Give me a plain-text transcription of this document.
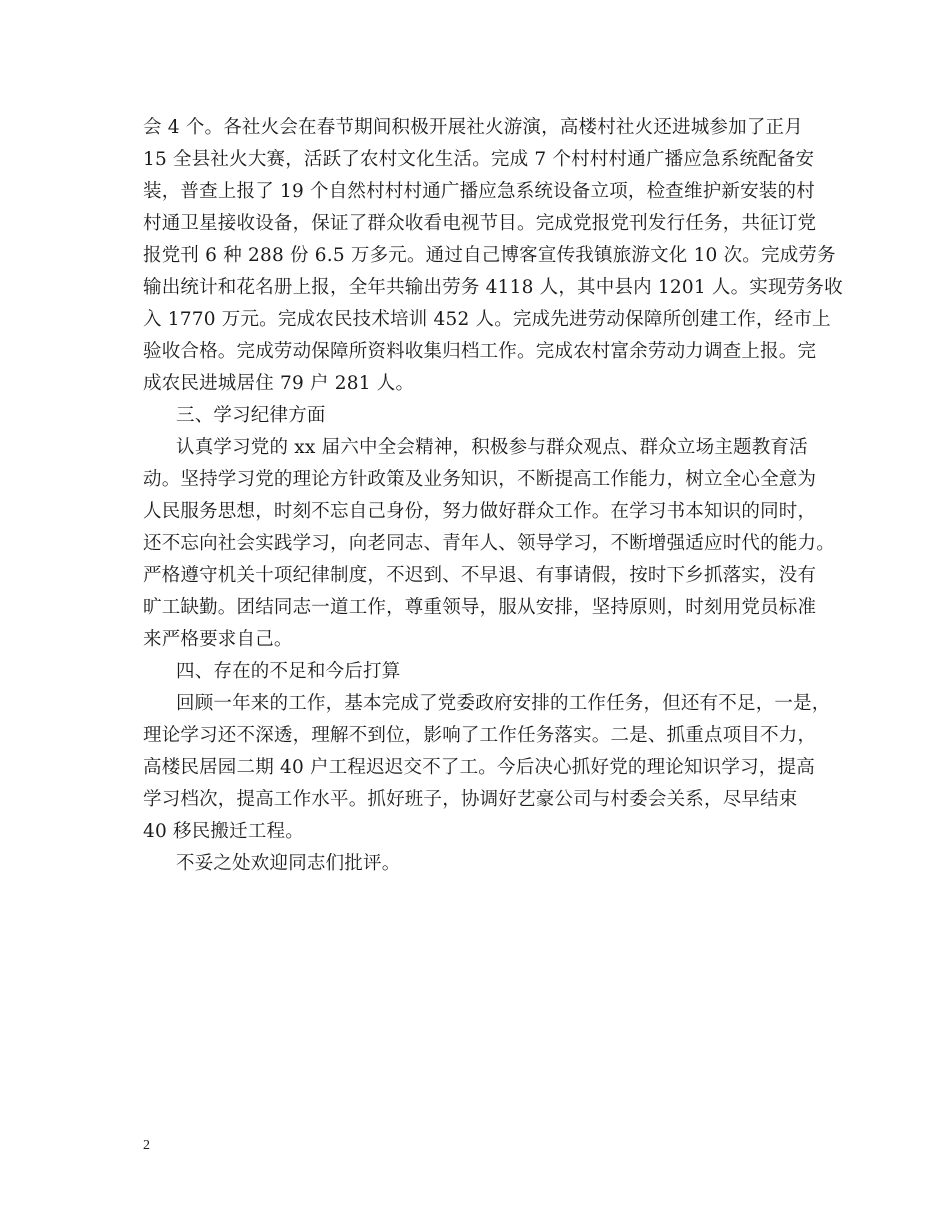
会 4 个。各社火会在春节期间积极开展社火游演，高楼村社火还进城参加了正月
15 全县社火大赛，活跃了农村文化生活。完成 7 个村村村通广播应急系统配备安
装，普查上报了 19 个自然村村村通广播应急系统设备立项，检查维护新安装的村
村通卫星接收设备，保证了群众收看电视节目。完成党报党刊发行任务，共征订党
报党刊 6 种 288 份 6.5 万多元。通过自己博客宣传我镇旅游文化 10 次。完成劳务
输出统计和花名册上报，全年共输出劳务 4118 人，其中县内 1201 人。实现劳务收
入 1770 万元。完成农民技术培训 452 人。完成先进劳动保障所创建工作，经市上
验收合格。完成劳动保障所资料收集归档工作。完成农村富余劳动力调查上报。完
成农民进城居住 79 户 281 人。
三、学习纪律方面
认真学习党的 xx 届六中全会精神，积极参与群众观点、群众立场主题教育活
动。坚持学习党的理论方针政策及业务知识，不断提高工作能力，树立全心全意为
人民服务思想，时刻不忘自己身份，努力做好群众工作。在学习书本知识的同时，
还不忘向社会实践学习，向老同志、青年人、领导学习，不断增强适应时代的能力。
严格遵守机关十项纪律制度，不迟到、不早退、有事请假，按时下乡抓落实，没有
旷工缺勤。团结同志一道工作，尊重领导，服从安排，坚持原则，时刻用党员标准
来严格要求自己。
四、存在的不足和今后打算
回顾一年来的工作，基本完成了党委政府安排的工作任务，但还有不足，一是，
理论学习还不深透，理解不到位，影响了工作任务落实。二是、抓重点项目不力，
高楼民居园二期 40 户工程迟迟交不了工。今后决心抓好党的理论知识学习，提高
学习档次，提高工作水平。抓好班子，协调好艺豪公司与村委会关系，尽早结束
40 移民搬迁工程。
不妥之处欢迎同志们批评。
2
